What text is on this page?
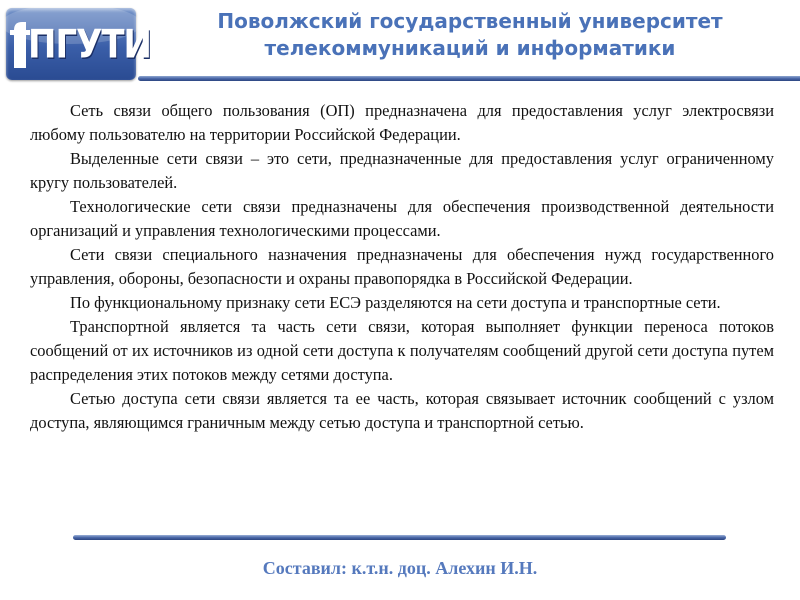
ПГУТИ
Поволжский государственный университет
телекоммуникаций и информатики

Сеть связи общего пользования (ОП) предназначена для предоставления услуг электросвязи любому пользователю на территории Российской Федерации.

Выделенные сети связи – это сети, предназначенные для предоставления услуг ограниченному кругу пользователей.

Технологические сети связи предназначены для обеспечения производственной деятельности организаций и управления технологическими процессами.

Сети связи специального назначения предназначены для обеспечения нужд государственного управления, обороны, безопасности и охраны правопорядка в Российской Федерации.

По функциональному признаку сети ЕСЭ разделяются на сети доступа и транспортные сети.

Транспортной является та часть сети связи, которая выполняет функции переноса потоков сообщений от их источников из одной сети доступа к получателям сообщений другой сети доступа путем распределения этих потоков между сетями доступа.

Сетью доступа сети связи является та ее часть, которая связывает источник сообщений с узлом доступа, являющимся граничным между сетью доступа и транспортной сетью.

Составил: к.т.н. доц. Алехин И.Н.
